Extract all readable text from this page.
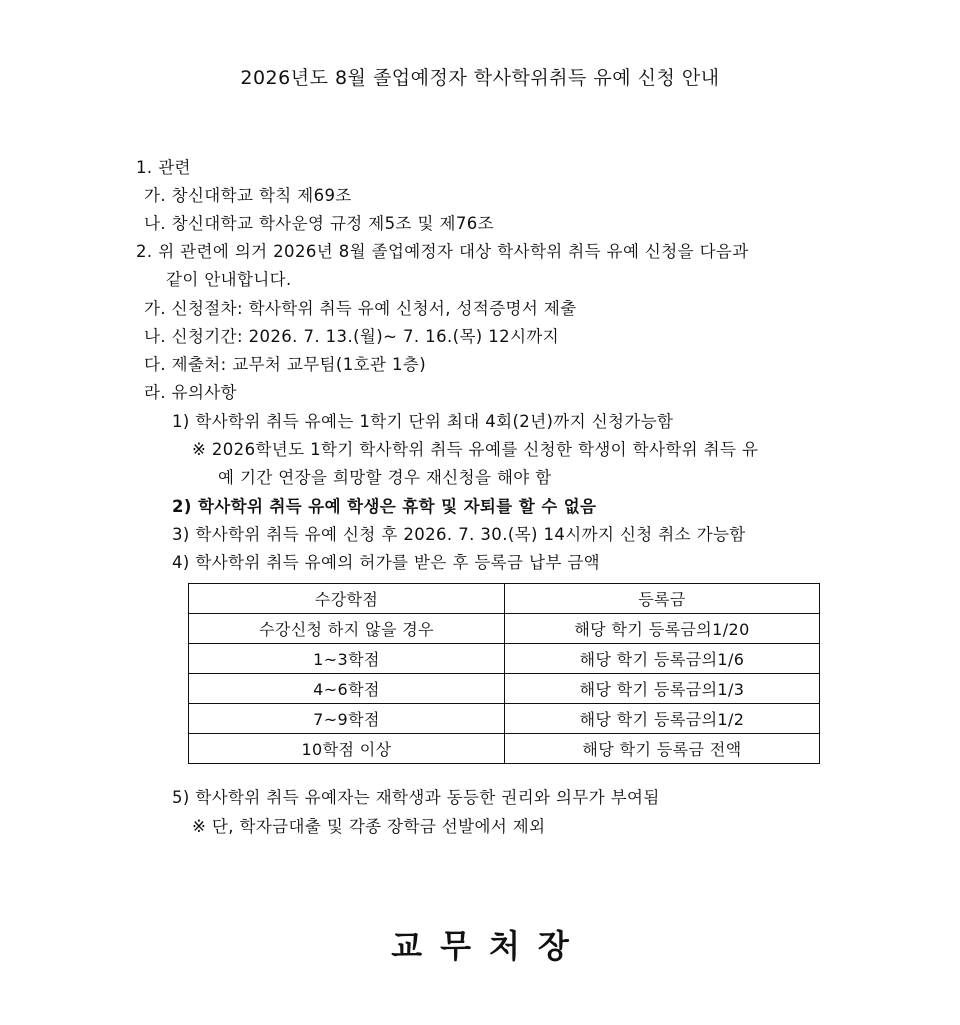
2026년도 8월 졸업예정자 학사학위취득 유예 신청 안내
1. 관련
가. 창신대학교 학칙 제69조
나. 창신대학교 학사운영 규정 제5조 및 제76조
2. 위 관련에 의거 2026년 8월 졸업예정자 대상 학사학위 취득 유예 신청을 다음과
같이 안내합니다.
가. 신청절차: 학사학위 취득 유예 신청서, 성적증명서 제출
나. 신청기간: 2026. 7. 13.(월)~ 7. 16.(목) 12시까지
다. 제출처: 교무처 교무팀(1호관 1층)
라. 유의사항
1) 학사학위 취득 유예는 1학기 단위 최대 4회(2년)까지 신청가능함
※ 2026학년도 1학기 학사학위 취득 유예를 신청한 학생이 학사학위 취득 유
예 기간 연장을 희망할 경우 재신청을 해야 함
2) 학사학위 취득 유예 학생은 휴학 및 자퇴를 할 수 없음
3) 학사학위 취득 유예 신청 후 2026. 7. 30.(목) 14시까지 신청 취소 가능함
4) 학사학위 취득 유예의 허가를 받은 후 등록금 납부 금액
수강학점	등록금
수강신청 하지 않을 경우	해당 학기 등록금의1/20
1~3학점	해당 학기 등록금의1/6
4~6학점	해당 학기 등록금의1/3
7~9학점	해당 학기 등록금의1/2
10학점 이상	해당 학기 등록금 전액
5) 학사학위 취득 유예자는 재학생과 동등한 권리와 의무가 부여됨
※ 단, 학자금대출 및 각종 장학금 선발에서 제외
교무처장
